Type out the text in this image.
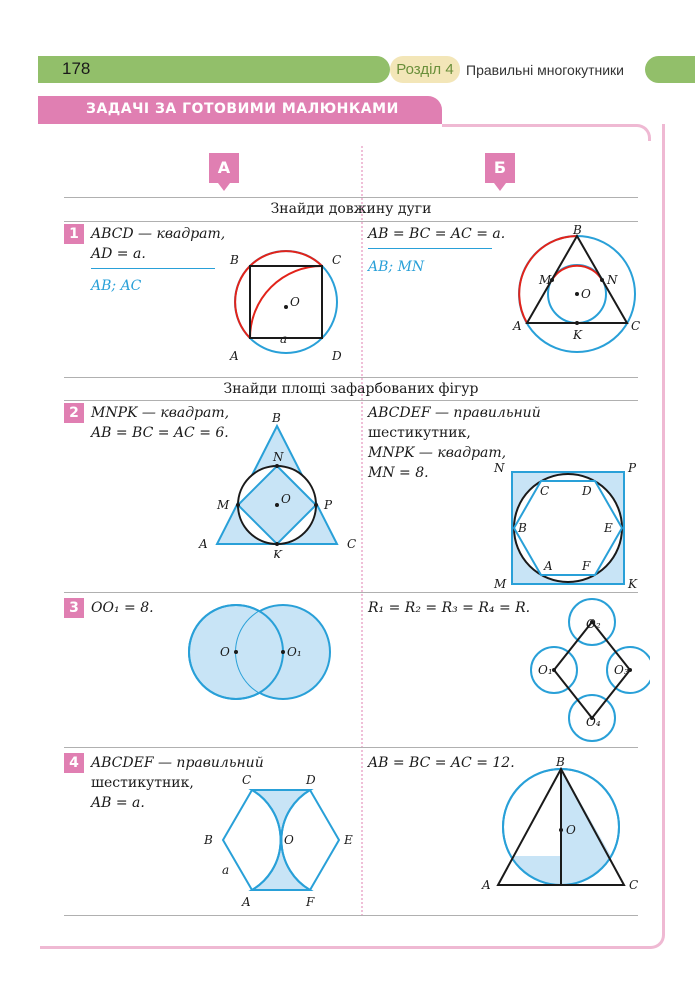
178	Розділ 4 Правильні многокутники
ЗАДАЧІ ЗА ГОТОВИМИ МАЛЮНКАМИ
А	Б
Знайди довжину дуги
Знайди площі зафарбованих фігур
1 ABCD — квадрат,
AD = a.
AB; AC
AB = BC = AC = a.
AB; MN
O
a
B	C
A	D
B
A	C
M	N
K
O
2 MNPK — квадрат,
AB = BC = AC = 6.
ABCDEF — правильний
шестикутник,
MNPK — квадрат,
MN = 8.
B
A	C
N
M	P
K
O
N	P
M	K
C	D
B	E
A F
3 OO₁ = 8.	R₁ = R₂ = R₃ = R₄ = R.
O	O₁
O₂
O₁	O₃
O₄
4 ABCDEF — правильний
шестикутник,
AB = a.
AB = BC = AC = 12.
C	D
B	E
O
a
A	F
B
O
A	C
